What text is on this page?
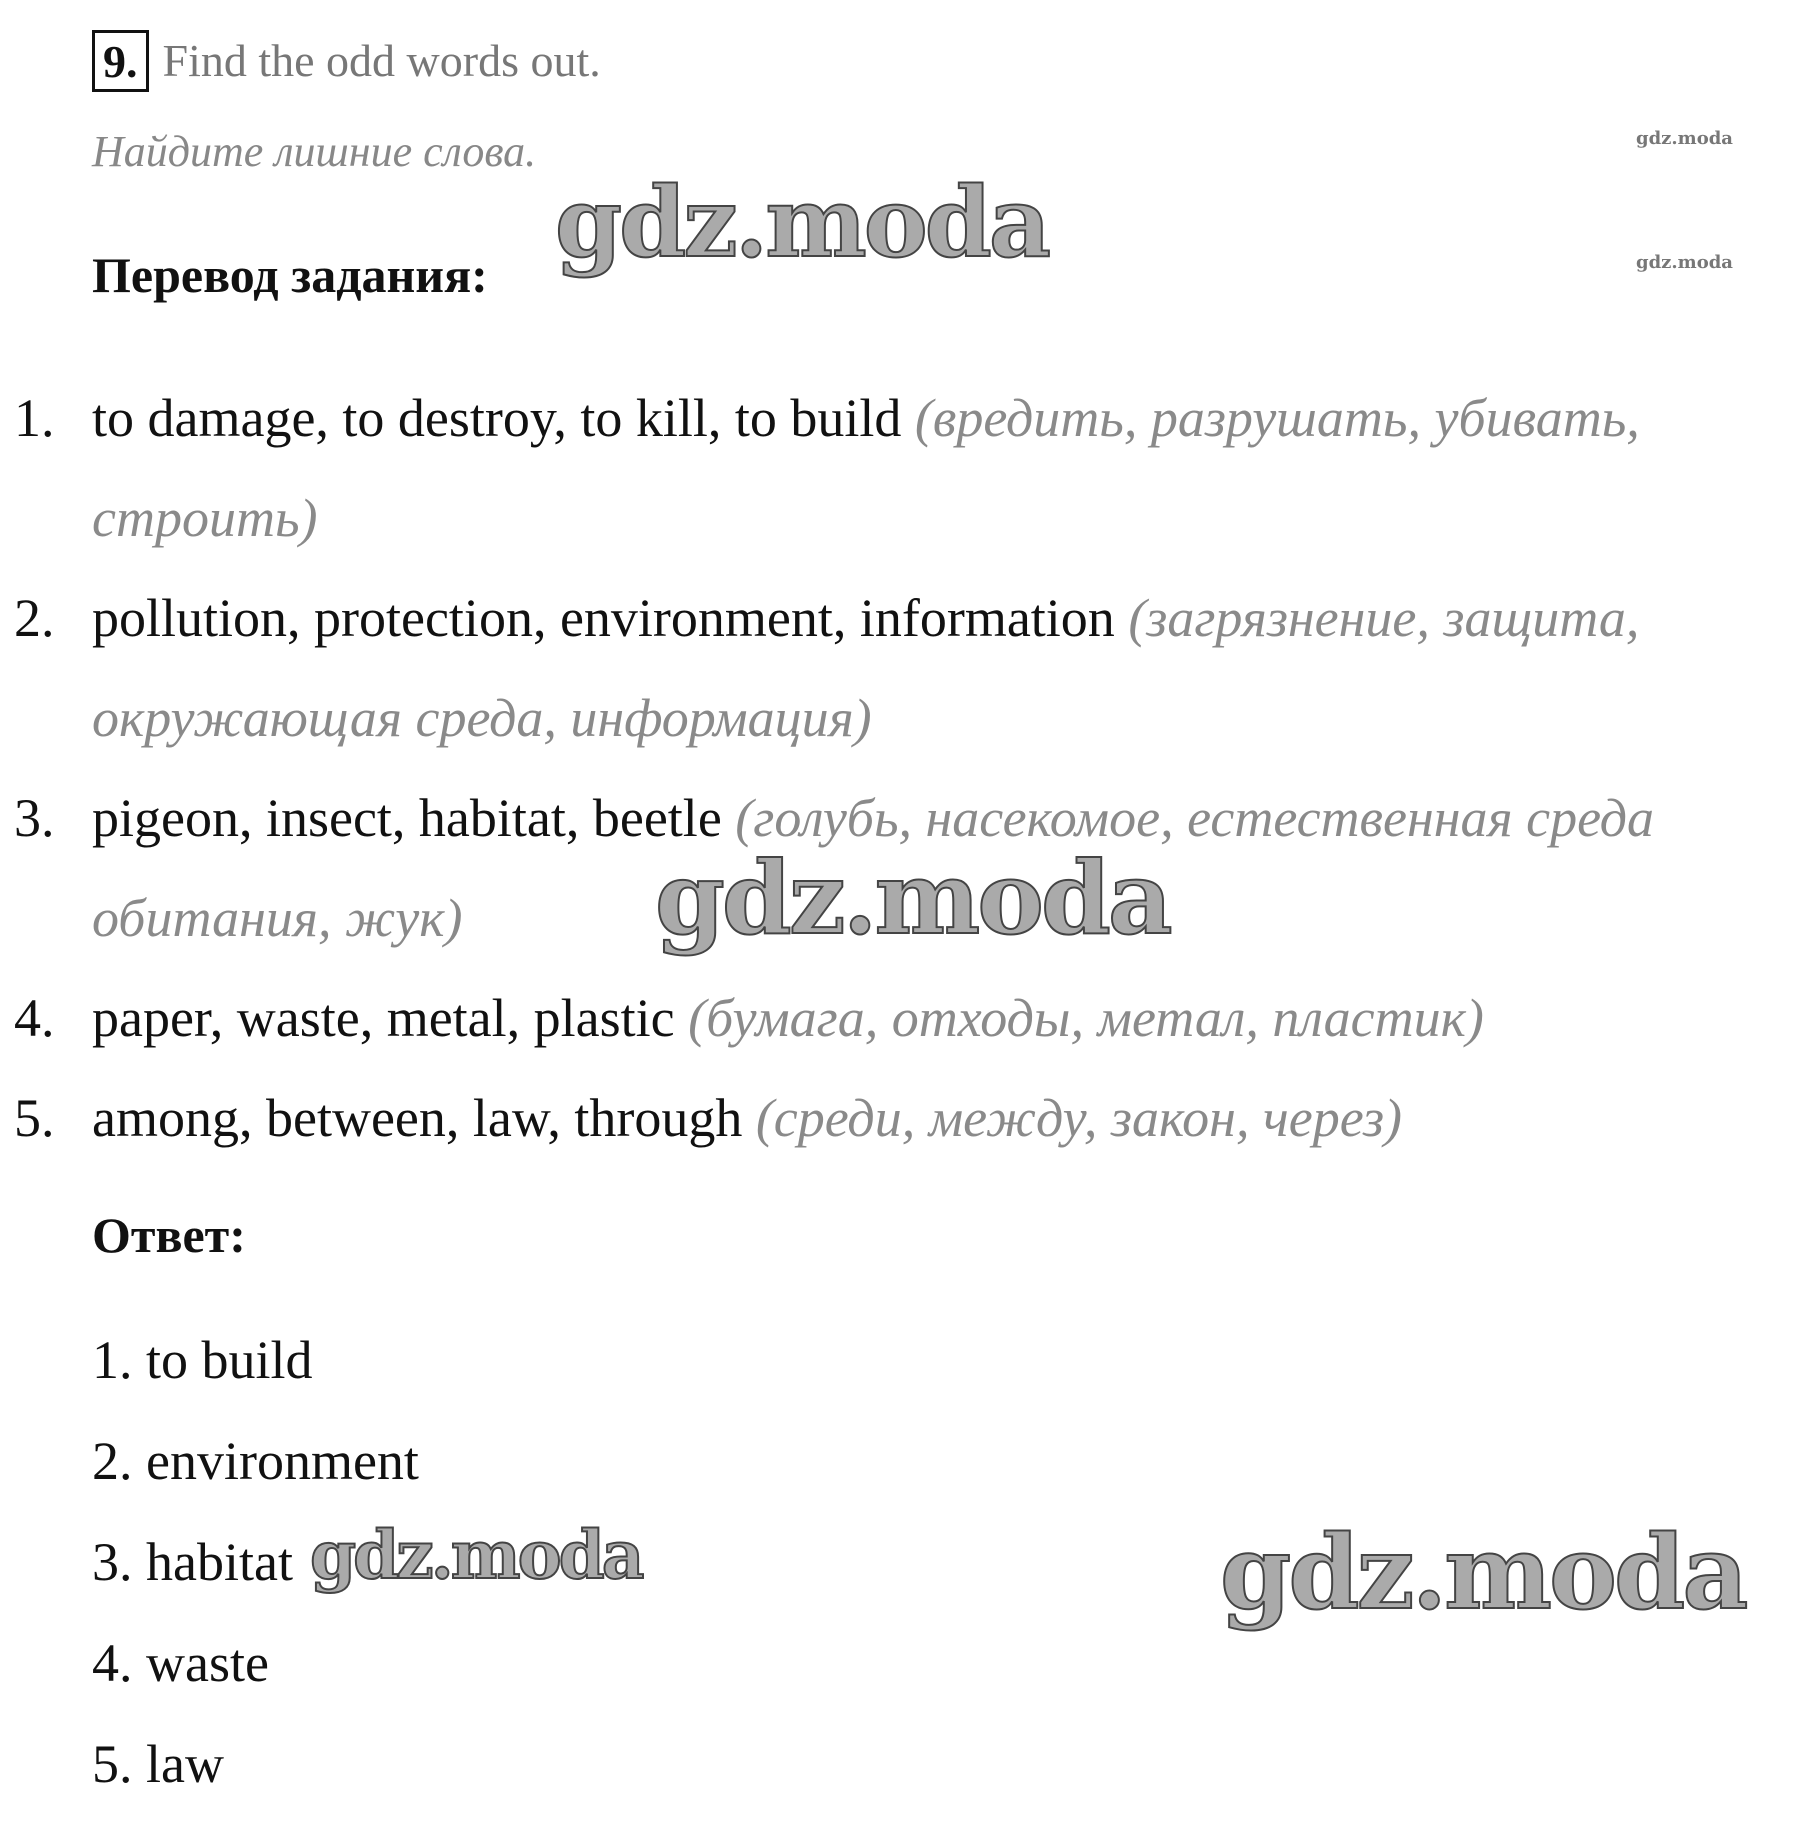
9. Find the odd words out.
Найдите лишние слова.
Перевод задания:
1. to damage, to destroy, to kill, to build (вредить, разрушать, убивать, строить)
2. pollution, protection, environment, information (загрязнение, защита, окружающая среда, информация)
3. pigeon, insect, habitat, beetle (голубь, насекомое, естественная среда обитания, жук)
4. paper, waste, metal, plastic (бумага, отходы, метал, пластик)
5. among, between, law, through (среди, между, закон, через)
Ответ:
1. to build
2. environment
3. habitat
4. waste
5. law
gdz.moda
gdz.moda
gdz.moda
gdz.moda
gdz.moda	gdz.moda
